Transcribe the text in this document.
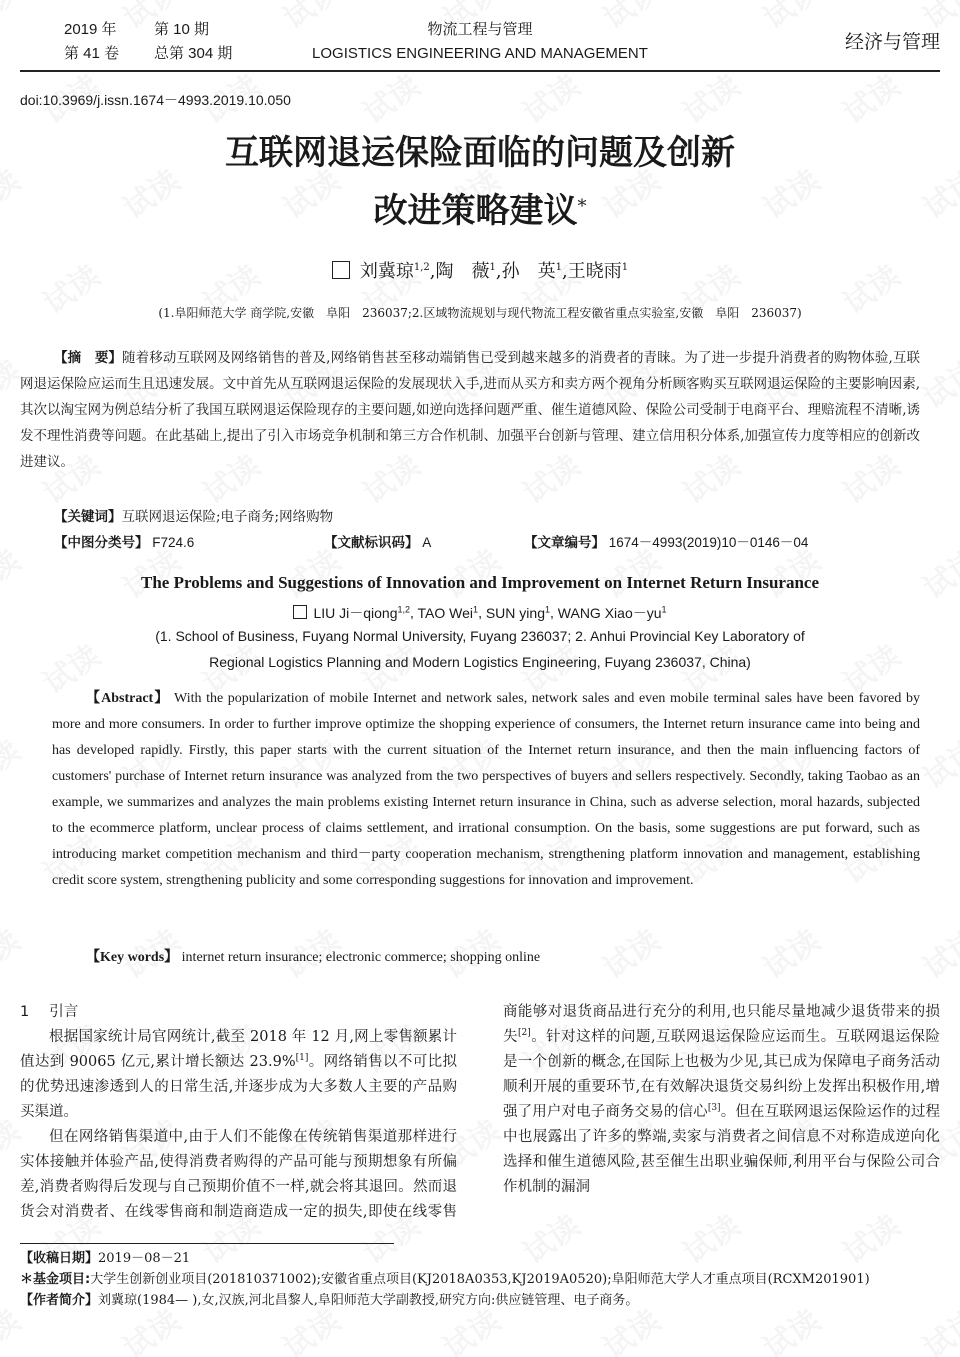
2019 年 第 10 期
第 41 卷 总第 304 期
物流工程与管理
LOGISTICS ENGINEERING AND MANAGEMENT
经济与管理
doi:10.3969/j.issn.1674－4993.2019.10.050
互联网退运保险面临的问题及创新
改进策略建议*
刘冀琼$^{1,2}$,陶　薇$^1$,孙　英$^1$,王晓雨$^1$
(1.阜阳师范大学 商学院,安徽　阜阳　236037;2.区域物流规划与现代物流工程安徽省重点实验室,安徽　阜阳　236037)
【摘　要】随着移动互联网及网络销售的普及,网络销售甚至移动端销售已受到越来越多的消费者的青睐。为了进一步提升消费者的购物体验,互联网退运保险应运而生且迅速发展。文中首先从互联网退运保险的发展现状入手,进而从买方和卖方两个视角分析顾客购买互联网退运保险的主要影响因素,其次以淘宝网为例总结分析了我国互联网退运保险现存的主要问题,如逆向选择问题严重、催生道德风险、保险公司受制于电商平台、理赔流程不清晰,诱发不理性消费等问题。在此基础上,提出了引入市场竞争机制和第三方合作机制、加强平台创新与管理、建立信用积分体系,加强宣传力度等相应的创新改进建议。
【关键词】互联网退运保险;电子商务;网络购物
【中图分类号】 F724.6	【文献标识码】 A	【文章编号】 1674－4993(2019)10－0146－04
The Problems and Suggestions of Innovation and Improvement on Internet Return Insurance
LIU Ji－qiong$^{1,2}$, TAO Wei$^1$, SUN ying$^1$, WANG $Xiao-yu^1$
(1. School of Business, Fuyang Normal University, Fuyang 236037; 2. Anhui Provincial Key Laboratory of
Regional Logistics Planning and Modern Logistics Engineering, Fuyang 236037, China)
【Abstract】 With the popularization of mobile Internet and network sales, network sales and even mobile terminal sales have been favored by more and more consumers. In order to further improve optimize the shopping experience of consumers, the Internet return insurance came into being and has developed rapidly. Firstly, this paper starts with the current situation of the Internet return insurance, and then the main influencing factors of customers' purchase of Internet return insurance was analyzed from the two perspectives of buyers and sellers respectively. Secondly, taking Taobao as an example, we summarizes and analyzes the main problems existing Internet return insurance in China, such as adverse selection, moral hazards, subjected to the ecommerce platform, unclear process of claims settlement, and irrational consumption. On the basis, some suggestions are put forward, such as introducing market competition mechanism and third－party cooperation mechanism, strengthening platform innovation and management, establishing credit score system, strengthening publicity and some corresponding suggestions for innovation and improvement.
【Key words】 internet return insurance; electronic commerce; shopping online
1 引言

根据国家统计局官网统计,截至 2018 年 12 月,网上零售额累计值达到 90065 亿元,累计增长额达 23.9%[1]。网络销售以不可比拟的优势迅速渗透到人的日常生活,并逐步成为大多数人主要的产品购买渠道。

但在网络销售渠道中,由于人们不能像在传统销售渠道那样进行实体接触并体验产品,使得消费者购得的产品可能与预期想象有所偏差,消费者购得后发现与自己预期价值不一样,就会将其退回。然而退货会对消费者、在线零售商和制造商造成一定的损失,即使在线零售商能够对退货商品进行充分的利用,也只能尽量地减少退货带来的损失[2]。针对这样的问题,互联网退运保险应运而生。互联网退运保险是一个创新的概念,在国际上也极为少见,其已成为保障电子商务活动顺利开展的重要环节,在有效解决退货交易纠纷上发挥出积极作用,增强了用户对电子商务交易的信心[3]。但在互联网退运保险运作的过程中也展露出了许多的弊端,卖家与消费者之间信息不对称造成逆向化选择和催生道德风险,甚至催生出职业骗保师,利用平台与保险公司合作机制的漏洞

【收稿日期】 2019－08－21
＊基金项目: 大学生创新创业项目(201810371002);安徽省重点项目(KJ2018A0353,KJ2019A0520);阜阳师范大学人才重点项目(RCXM201901)
【作者简介】 刘冀琼(1984— ),女,汉族,河北昌黎人,阜阳师范大学副教授,研究方向:供应链管理、电子商务。
